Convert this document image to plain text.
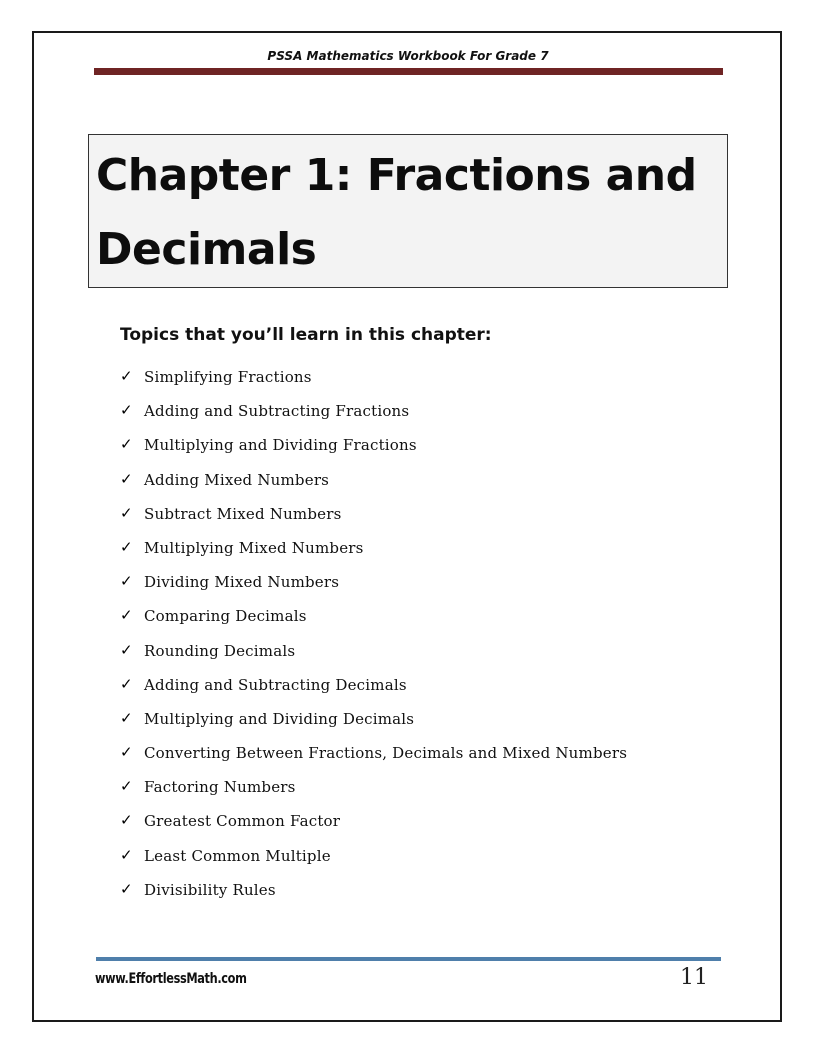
PSSA Mathematics Workbook For Grade 7
Chapter 1: Fractions and Decimals
Topics that you’ll learn in this chapter:
✓ Simplifying Fractions
✓ Adding and Subtracting Fractions
✓ Multiplying and Dividing Fractions
✓ Adding Mixed Numbers
✓ Subtract Mixed Numbers
✓ Multiplying Mixed Numbers
✓ Dividing Mixed Numbers
✓ Comparing Decimals
✓ Rounding Decimals
✓ Adding and Subtracting Decimals
✓ Multiplying and Dividing Decimals
✓ Converting Between Fractions, Decimals and Mixed Numbers
✓ Factoring Numbers
✓ Greatest Common Factor
✓ Least Common Multiple
✓ Divisibility Rules
www.EffortlessMath.com	11
